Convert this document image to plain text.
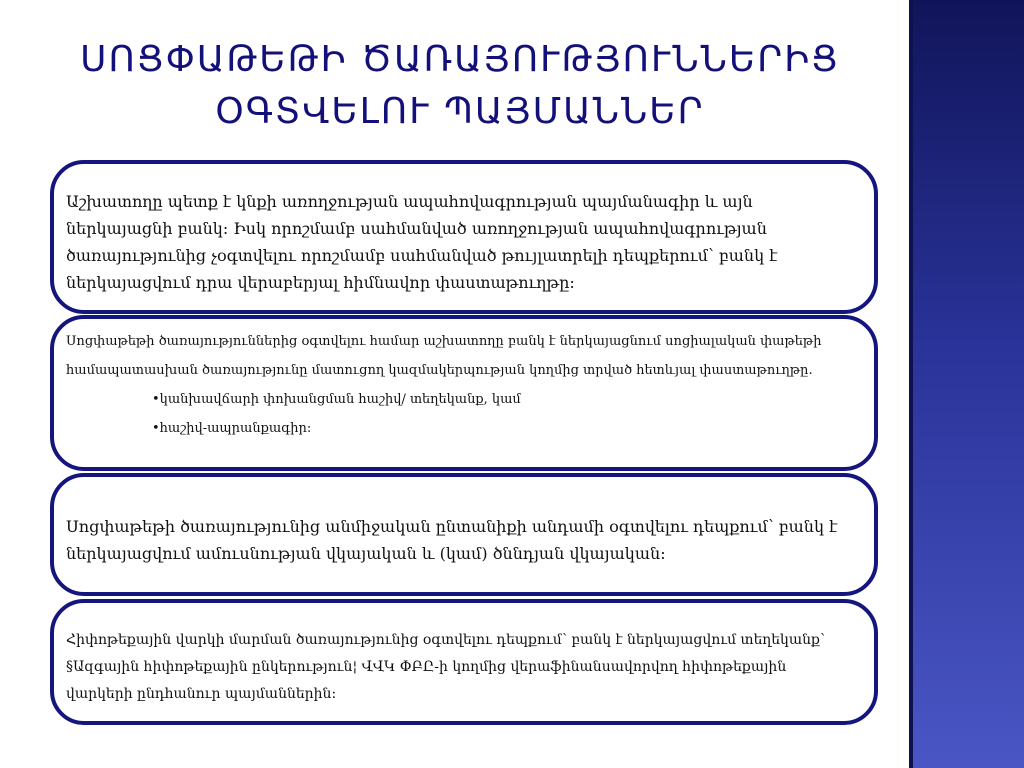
ՍՈՑՓԱԹԵԹԻ ԾԱՌԱՅՈՒԹՅՈՒՆՆԵՐԻՑ
ՕԳՏՎԵԼՈՒ ՊԱՅՄԱՆՆԵՐ

Աշխատողը պետք է կնքի առողջության ապահովագրության պայմանագիր և այն ներկայացնի բանկ: Իսկ որոշմամբ սահմանված առողջության ապահովագրության ծառայությունից չօգտվելու որոշմամբ սահմանված թույլատրելի դեպքերում՝ բանկ է ներկայացվում դրա վերաբերյալ հիմնավոր փաստաթուղթը:

Սոցփաթեթի ծառայություններից օգտվելու համար աշխատողը բանկ է ներկայացնում սոցիալական փաթեթի համապատասխան ծառայությունը մատուցող կազմակերպության կողմից տրված հետևյալ փաստաթուղթը.

•կանխավճարի փոխանցման հաշիվ/ տեղեկանք, կամ

•հաշիվ-ապրանքագիր:

Սոցփաթեթի ծառայությունից անմիջական ընտանիքի անդամի օգտվելու դեպքում՝ բանկ է ներկայացվում ամուսնության վկայական և (կամ) ծննդյան վկայական:

Հիփոթեքային վարկի մարման ծառայությունից օգտվելու դեպքում՝ բանկ է ներկայացվում տեղեկանք՝ §Ազգային հիփոթեքային ընկերություն¦ ՎՎԿ ՓԲԸ-ի կողմից վերաֆինանսավորվող հիփոթեքային վարկերի ընդհանուր պայմաններին:
